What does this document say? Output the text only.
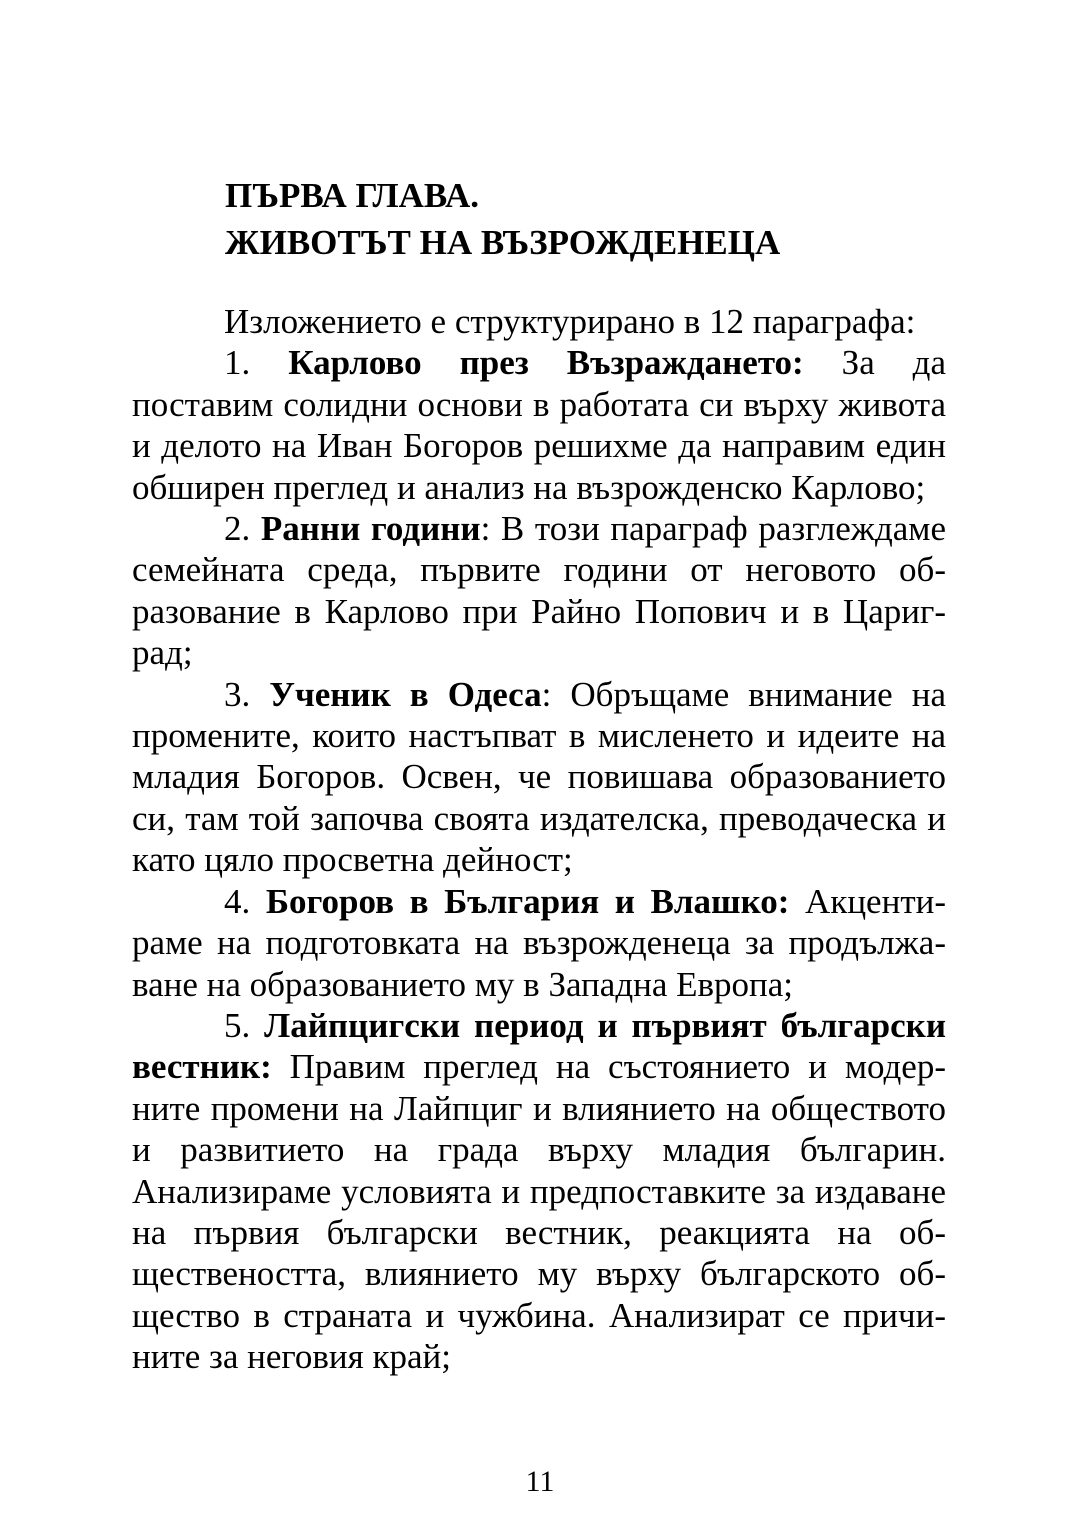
ПЪРВА ГЛАВА.
ЖИВОТЪТ НА ВЪЗРОЖДЕНЕЦА

Изложението е структурирано в 12 параграфа:

1. Карлово през Възраждането: За да поставим солидни основи в работата си върху живота и делото на Иван Богоров решихме да направим един обширен преглед и анализ на възрожденско Карлово;

2. Ранни години: В този параграф разглеждаме семейната среда, първите години от неговото образование в Карлово при Райно Попович и в Цариград;

3. Ученик в Одеса: Обръщаме внимание на промените, които настъпват в мисленето и идеите на младия Богоров. Освен, че повишава образованието си, там той започва своята издателска, преводаческа и като цяло просветна дейност;

4. Богоров в България и Влашко: Акцентираме на подготовката на възрожденеца за продължаване на образованието му в Западна Европа;

5. Лайпцигски период и първият български вестник: Правим преглед на състоянието и модерните промени на Лайпциг и влиянието на обществото и развитието на града върху младия българин. Анализираме условията и предпоставките за издаване на първия български вестник, реакцията на обществеността, влиянието му върху българското общество в страната и чужбина. Анализират се причините за неговия край;

11
